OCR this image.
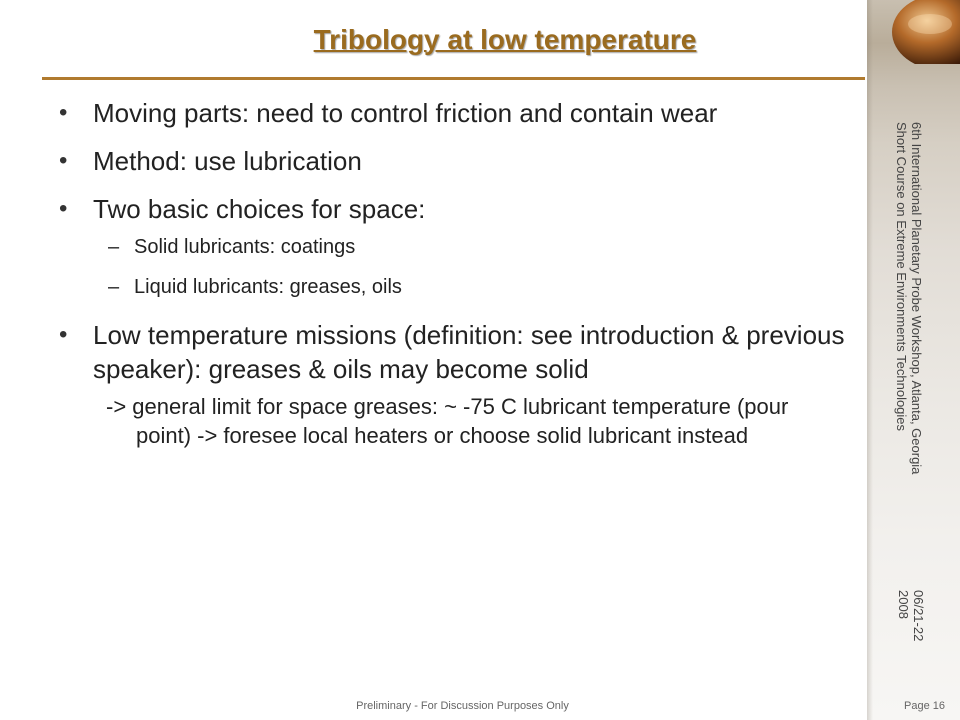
Tribology at low temperature
• Moving parts: need to control friction and contain wear
• Method: use lubrication
• Two basic choices for space:
– Solid lubricants: coatings
– Liquid lubricants: greases, oils
• Low temperature missions (definition: see introduction & previous speaker): greases & oils may become solid
-> general limit for space greases: ~ -75 C lubricant temperature (pour point) -> foresee local heaters or choose solid lubricant instead	6th International Planetary Probe Workshop, Atlanta, Georgia
Short Course on Extreme Environments Technologies
06/21-22
2008
Preliminary - For Discussion Purposes Only	Page 16
